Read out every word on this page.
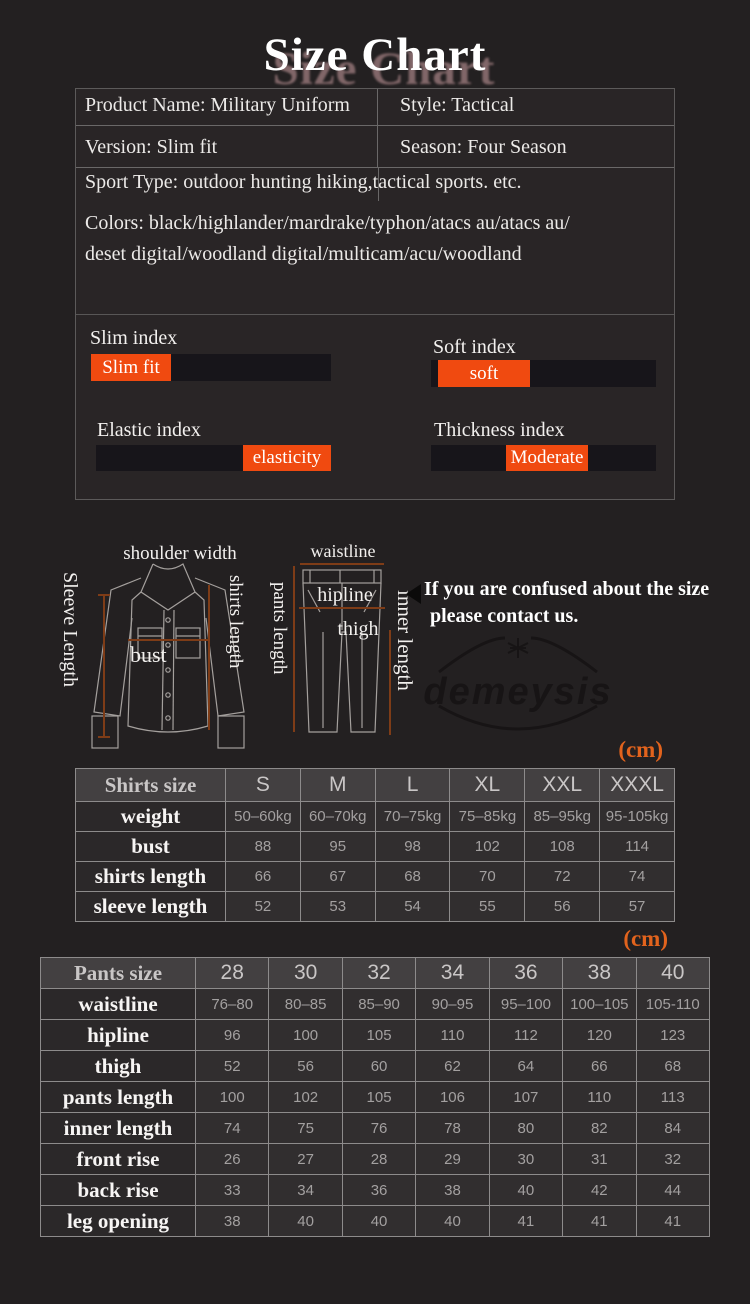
Size Chart
Product Name: Military Uniform	Style: Tactical
Version: Slim fit	Season: Four Season
Sport Type: outdoor hunting hiking,tactical sports. etc.
Colors: black/highlander/mardrake/typhon/atacs au/atacs au/
deset digital/woodland digital/multicam/acu/woodland
Slim index
Slim fit
Soft index
soft
Elastic index
elasticity
Thickness index
Moderate
shoulder width
Sleeve Length bust	shirts length
waistline
hipline
thigh
pants length	inner length
If you are confused about the size
please contact us.
demeysis
(cm)
Shirts size	S	M	L	XL	XXL	XXXL
weight	50–60kg	60–70kg	70–75kg	75–85kg	85–95kg	95-105kg
bust	88	95	98	102	108	114
shirts length	66	67	68	70	72	74
sleeve length	52	53	54	55	56	57
(cm)
Pants size	28	30	32	34	36	38	40
waistline	76–80	80–85	85–90	90–95	95–100	100–105	105-110
hipline	96	100	105	110	112	120	123
thigh	52	56	60	62	64	66	68
pants length	100	102	105	106	107	110	113
inner length	74	75	76	78	80	82	84
front rise	26	27	28	29	30	31	32
back rise	33	34	36	38	40	42	44
leg opening	38	40	40	40	41	41	41
